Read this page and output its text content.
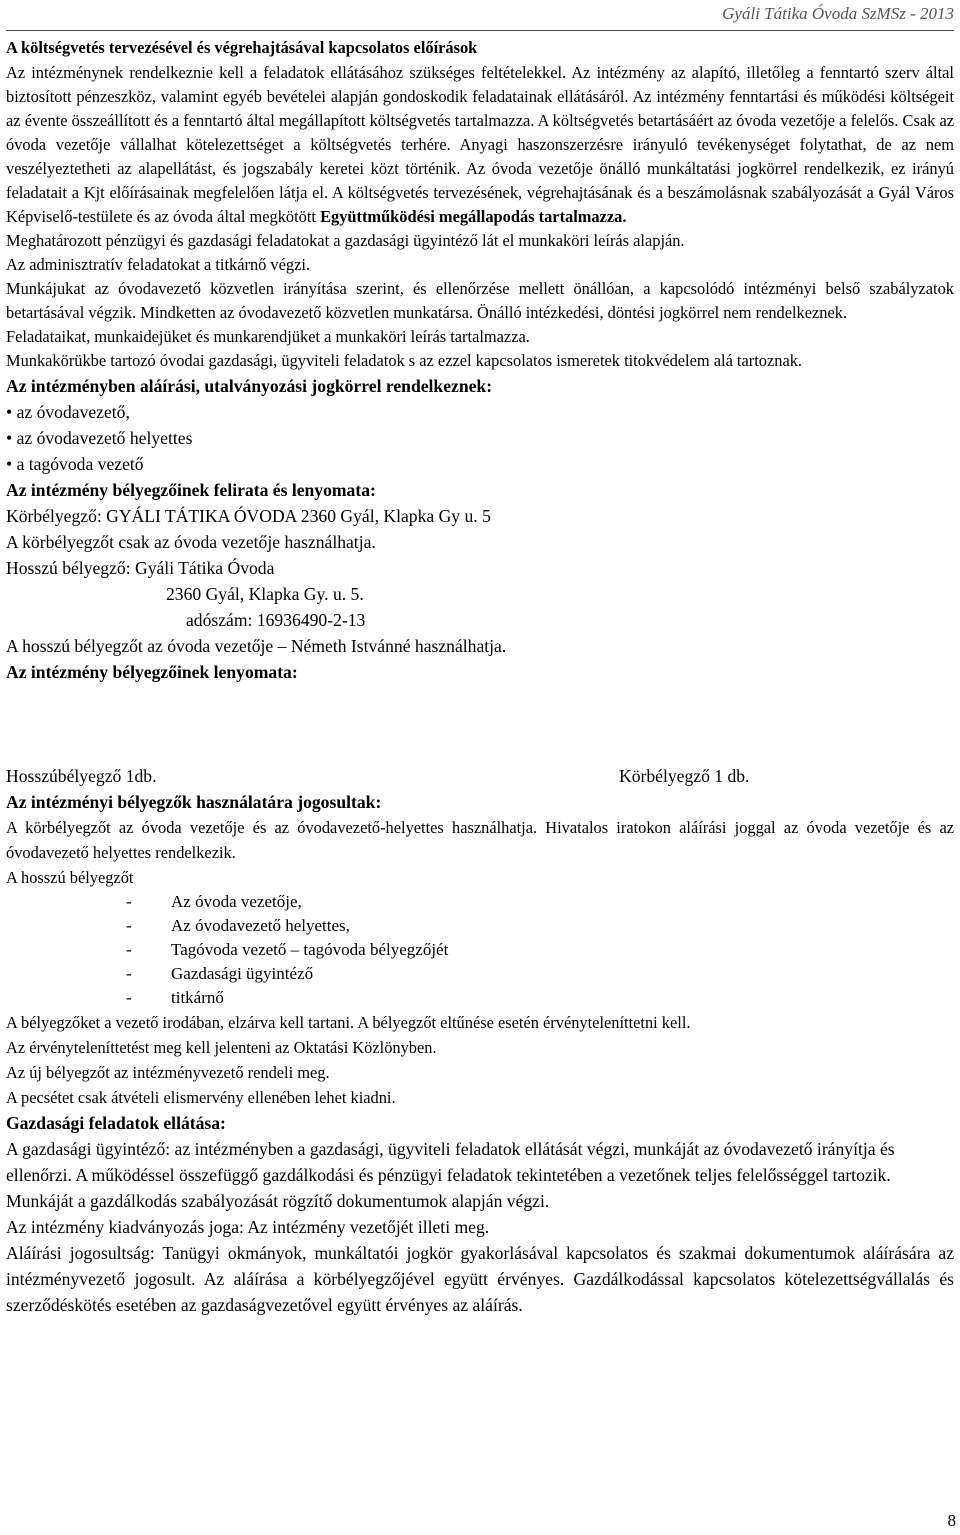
Gyáli Tátika Óvoda SzMSz - 2013

A költségvetés tervezésével és végrehajtásával kapcsolatos előírások

Az intézménynek rendelkeznie kell a feladatok ellátásához szükséges feltételekkel. Az intézmény az alapító, illetőleg a fenntartó szerv által biztosított pénzeszköz, valamint egyéb bevételei alapján gondoskodik feladatainak ellátásáról. Az intézmény fenntartási és működési költségeit az évente összeállított és a fenntartó által megállapított költségvetés tartalmazza. A költségvetés betartásáért az óvoda vezetője a felelős. Csak az óvoda vezetője vállalhat kötelezettséget a költségvetés terhére. Anyagi haszonszerzésre irányuló tevékenységet folytathat, de az nem veszélyeztetheti az alapellátást, és jogszabály keretei közt történik. Az óvoda vezetője önálló munkáltatási jogkörrel rendelkezik, ez irányú feladatait a Kjt előírásainak megfelelően látja el. A költségvetés tervezésének, végrehajtásának és a beszámolásnak szabályozását a Gyál Város Képviselő-testülete és az óvoda által megkötött Együttműködési megállapodás tartalmazza.

Meghatározott pénzügyi és gazdasági feladatokat a gazdasági ügyintéző lát el munkaköri leírás alapján.

Az adminisztratív feladatokat a titkárnő végzi.

Munkájukat az óvodavezető közvetlen irányítása szerint, és ellenőrzése mellett önállóan, a kapcsolódó intézményi belső szabályzatok betartásával végzik. Mindketten az óvodavezető közvetlen munkatársa. Önálló intézkedési, döntési jogkörrel nem rendelkeznek.

Feladataikat, munkaidejüket és munkarendjüket a munkaköri leírás tartalmazza.

Munkakörükbe tartozó óvodai gazdasági, ügyviteli feladatok s az ezzel kapcsolatos ismeretek titokvédelem alá tartoznak.

Az intézményben aláírási, utalványozási jogkörrel rendelkeznek:

• az óvodavezető,
• az óvodavezető helyettes
• a tagóvoda vezető

Az intézmény bélyegzőinek felirata és lenyomata:

Körbélyegző: GYÁLI TÁTIKA ÓVODA 2360 Gyál, Klapka Gy u. 5

A körbélyegzőt csak az óvoda vezetője használhatja.

Hosszú bélyegző: Gyáli Tátika Óvoda

2360 Gyál, Klapka Gy. u. 5.

adószám: 16936490-2-13

A hosszú bélyegzőt az óvoda vezetője – Németh Istvánné használhatja.

Az intézmény bélyegzőinek lenyomata:

Hosszúbélyegző 1db.	Körbélyegző 1 db.

Az intézményi bélyegzők használatára jogosultak:

A körbélyegzőt az óvoda vezetője és az óvodavezető-helyettes használhatja. Hivatalos iratokon aláírási joggal az óvoda vezetője és az óvodavezető helyettes rendelkezik.

A hosszú bélyegzőt

- Az óvoda vezetője,
- Az óvodavezető helyettes,
- Tagóvoda vezető – tagóvoda bélyegzőjét
- Gazdasági ügyintéző
- titkárnő

A bélyegzőket a vezető irodában, elzárva kell tartani. A bélyegzőt eltűnése esetén érvényteleníttetni kell.

Az érvényteleníttetést meg kell jelenteni az Oktatási Közlönyben.

Az új bélyegzőt az intézményvezető rendeli meg.

A pecsétet csak átvételi elismervény ellenében lehet kiadni.

Gazdasági feladatok ellátása:

A gazdasági ügyintéző: az intézményben a gazdasági, ügyviteli feladatok ellátását végzi, munkáját az óvodavezető irányítja és ellenőrzi. A működéssel összefüggő gazdálkodási és pénzügyi feladatok tekintetében a vezetőnek teljes felelősséggel tartozik. Munkáját a gazdálkodás szabályozását rögzítő dokumentumok alapján végzi.

Az intézmény kiadványozás joga: Az intézmény vezetőjét illeti meg.

Aláírási jogosultság: Tanügyi okmányok, munkáltatói jogkör gyakorlásával kapcsolatos és szakmai dokumentumok aláírására az intézményvezető jogosult. Az aláírása a körbélyegzőjével együtt érvényes. Gazdálkodással kapcsolatos kötelezettségvállalás és szerződéskötés esetében az gazdaságvezetővel együtt érvényes az aláírás.

8
